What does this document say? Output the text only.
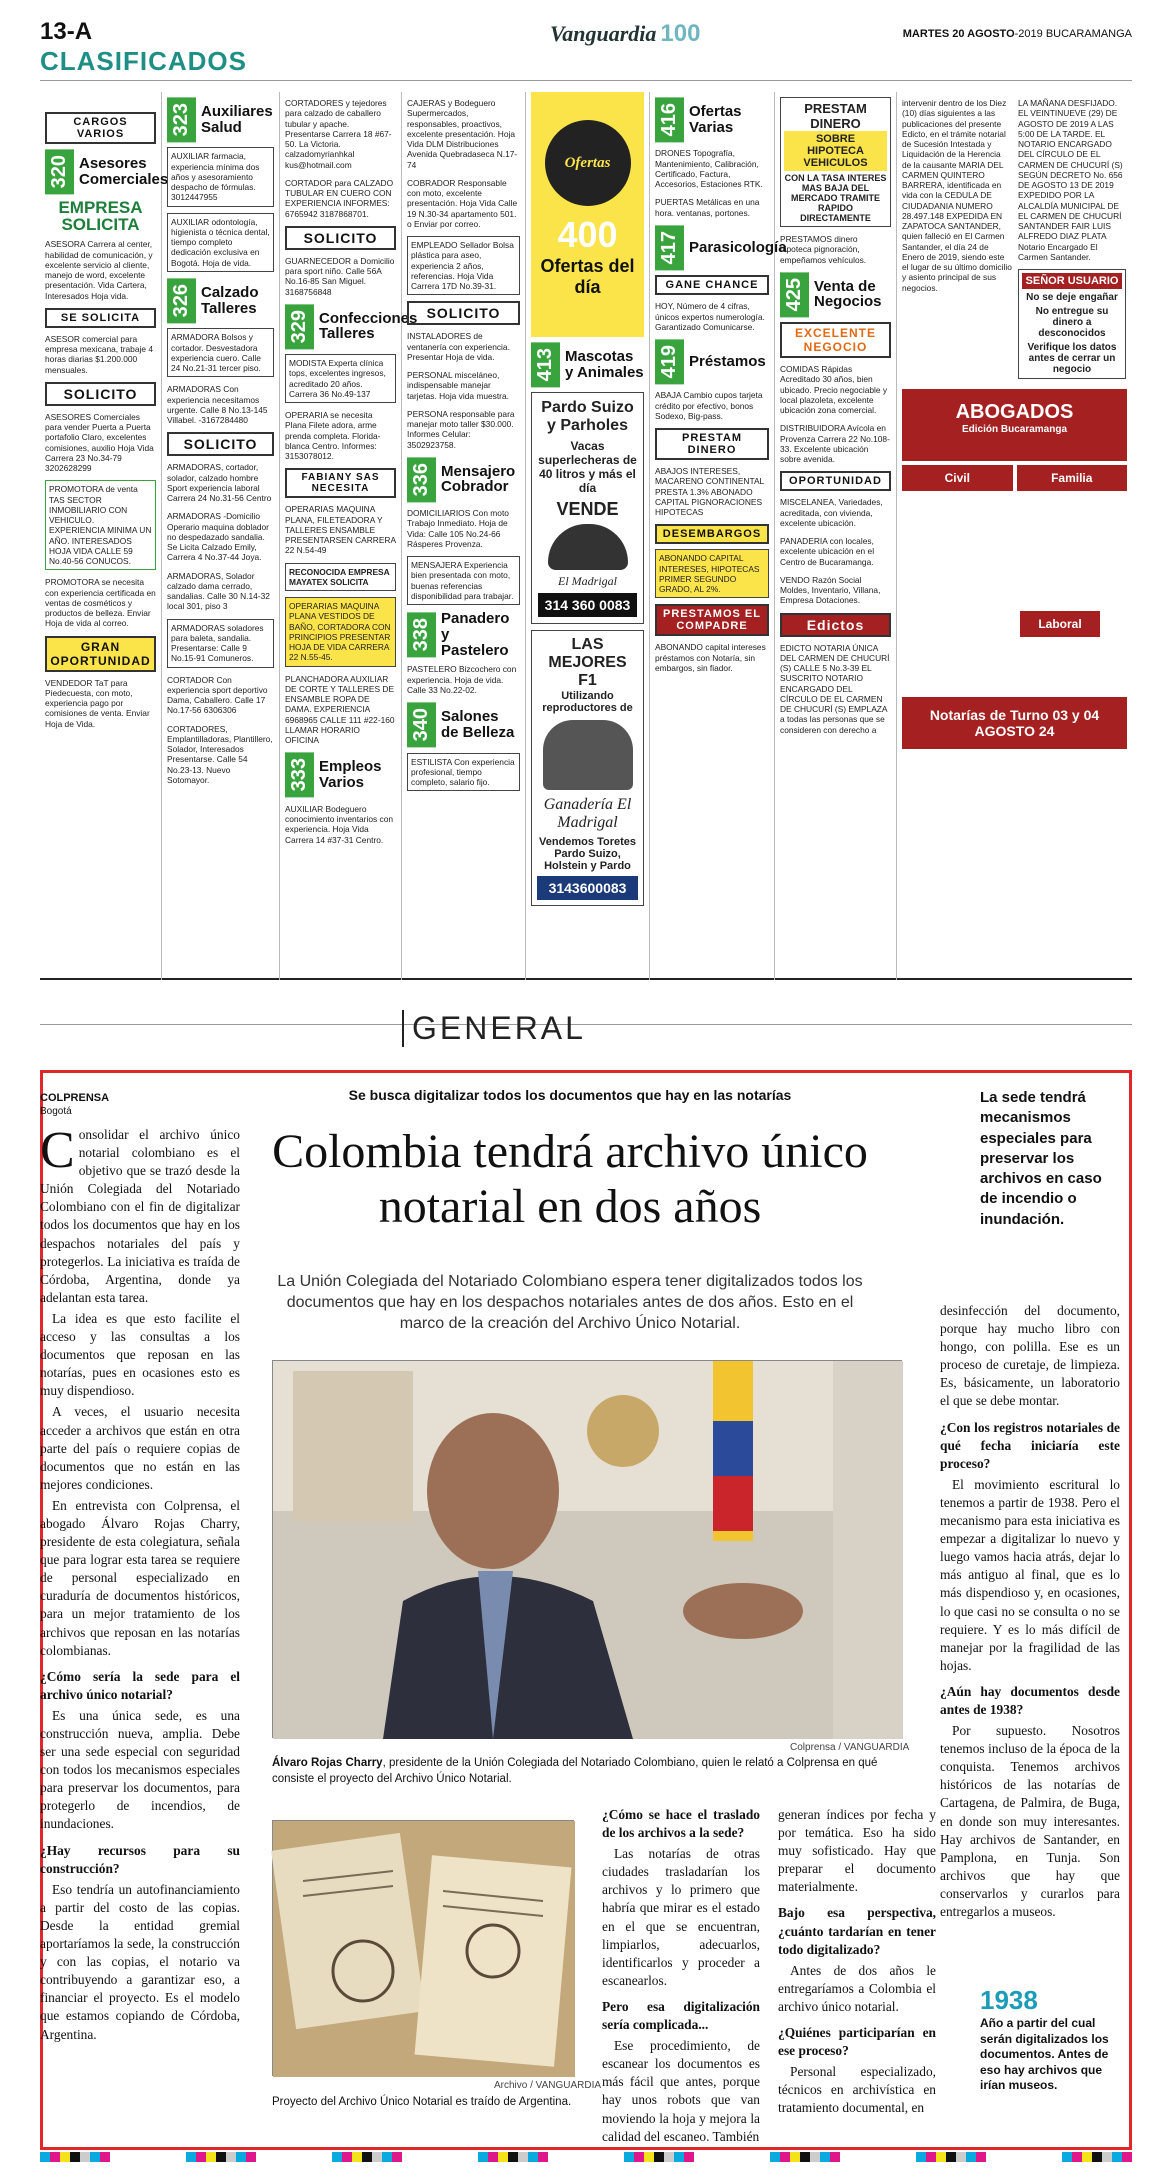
13-A
CLASIFICADOS
Vanguardia 100	MARTES 20 AGOSTO-2019 BUCARAMANGA
CARGOS VARIOS
320 Asesores Comerciales
EMPRESA SOLICITA
ASESORA Carrera al center, habilidad de comunicación, y excelente servicio al cliente, manejo de word, excelente presentación. Vida Cartera, Interesados Hoja vida.
SE SOLICITA
ASESOR comercial para empresa mexicana, trabaje 4 horas diarias $1.200.000 mensuales.
SOLICITO
ASESORES Comerciales para vender Puerta a Puerta portafolio Claro, excelentes comisiones, auxilio Hoja Vida Carrera 23 No.34-79 3202628299
PROMOTORA de venta TAS SECTOR INMOBILIARIO CON VEHICULO. EXPERIENCIA MINIMA UN AÑO. INTERESADOS HOJA VIDA CALLE 59 No.40-56 CONUCOS.
PROMOTORA se necesita con experiencia certificada en ventas de cosméticos y productos de belleza. Enviar Hoja de vida al correo.
GRAN OPORTUNIDAD
VENDEDOR TaT para Piedecuesta, con moto, experiencia pago por comisiones de venta. Enviar Hoja de Vida.
323 Auxiliares Salud
AUXILIAR farmacia, experiencia mínima dos años y asesoramiento despacho de fórmulas. 3012447955
AUXILIAR odontología, higienista o técnica dental, tiempo completo dedicación exclusiva en Bogotá. Hoja de vida.
326 Calzado Talleres
ARMADORA Bolsos y cortador. Desvestadora experiencia cuero. Calle 24 No.21-31 tercer piso.
ARMADORAS Con experiencia necesitamos urgente. Calle 8 No.13-145 Villabel. -3167284480
SOLICITO
ARMADORAS, cortador, solador, calzado hombre Sport experiencia laboral Carrera 24 No.31-56 Centro
ARMADORAS -Domicilio Operario maquina doblador no despedazado sandalia. Se Licita Calzado Emily, Carrera 4 No.37-44 Joya.
ARMADORAS, Solador calzado dama cerrado, sandalias. Calle 30 N.14-32 local 301, piso 3
ARMADORAS soladores para baleta, sandalia. Presentarse: Calle 9 No.15-91 Comuneros.
CORTADOR Con experiencia sport deportivo Dama, Caballero. Calle 17 No.17-56 6306306
CORTADORES, Emplantilladoras, Plantillero, Solador, Interesados Presentarse. Calle 54 No.23-13. Nuevo Sotomayor.
CORTADORES y tejedores para calzado de caballero tubular y apache. Presentarse Carrera 18 #67-50. La Victoria. calzadomyrianhkal kus@hotmail.com
CORTADOR para CALZADO TUBULAR EN CUERO CON EXPERIENCIA INFORMES: 6765942 3187868701.
SOLICITO
GUARNECEDOR a Domicilio para sport niño. Calle 56A No.16-85 San Miguel. 3168756848
329 Confecciones Talleres
MODISTA Experta clínica tops, excelentes ingresos, acreditado 20 años. Carrera 36 No.49-137
OPERARIA se necesita Plana Filete adora, arme prenda completa. Florida-blanca Centro. Informes: 3153078012.
FABIANY SAS NECESITA
OPERARIAS MAQUINA PLANA, FILETEADORA Y TALLERES ENSAMBLE PRESENTARSEN CARRERA 22 N.54-49
RECONOCIDA EMPRESA MAYATEX SOLICITA
OPERARIAS MAQUINA PLANA VESTIDOS DE BAÑO, CORTADORA CON PRINCIPIOS PRESENTAR HOJA DE VIDA CARRERA 22 N.55-45.
PLANCHADORA AUXILIAR DE CORTE Y TALLERES DE ENSAMBLE ROPA DE DAMA. EXPERIENCIA 6968965 CALLE 111 #22-160 LLAMAR HORARIO OFICINA
333 Empleos Varios
AUXILIAR Bodeguero conocimiento inventarios con experiencia. Hoja Vida Carrera 14 #37-31 Centro.
CAJERAS y Bodeguero Supermercados, responsables, proactivos, excelente presentación. Hoja Vida DLM Distribuciones Avenida Quebradaseca N.17-74
COBRADOR Responsable con moto, excelente presentación. Hoja Vida Calle 19 N.30-34 apartamento 501. o Enviar por correo.
EMPLEADO Sellador Bolsa plástica para aseo, experiencia 2 años, referencias. Hoja Vida Carrera 17D No.39-31.
SOLICITO
INSTALADORES de ventanería con experiencia. Presentar Hoja de vida.
PERSONAL misceláneo, indispensable manejar tarjetas. Hoja vida muestra.
PERSONA responsable para manejar moto taller $30.000. Informes Celular: 3502923758.
336 Mensajero Cobrador
DOMICILIARIOS Con moto Trabajo Inmediato. Hoja de Vida: Calle 105 No.24-66 Rásperes Provenza.
MENSAJERA Experiencia bien presentada con moto, buenas referencias disponibilidad para trabajar.
338 Panadero y Pastelero
PASTELERO Bizcochero con experiencia. Hoja de vida. Calle 33 No.22-02.
340 Salones de Belleza
ESTILISTA Con experiencia profesional, tiempo completo, salario fijo.
Ofertas
400
Ofertas del día
413 Mascotas y Animales
Pardo Suizo y Parholes
Vacas superlecheras de 40 litros y más el día
VENDE
El Madrigal
314 360 0083
LAS MEJORES F1
Utilizando reproductores de
Ganadería El Madrigal
Vendemos Toretes Pardo Suizo, Holstein y Pardo
3143600083
416 Ofertas Varias
DRONES Topografía, Mantenimiento, Calibración, Certificado, Factura, Accesorios, Estaciones RTK.
PUERTAS Metálicas en una hora. ventanas, portones.
417 Parasicología
GANE CHANCE
HOY, Número de 4 cifras, únicos expertos numerología. Garantizado Comunicarse.
419 Préstamos
ABAJA Cambio cupos tarjeta crédito por efectivo, bonos Sodexo, Big-pass.
PRESTAM DINERO
ABAJOS INTERESES, MACARENO CONTINENTAL PRESTA 1.3% ABONADO CAPITAL PIGNORACIONES HIPOTECAS
DESEMBARGOS
ABONANDO CAPITAL INTERESES, HIPOTECAS PRIMER SEGUNDO GRADO, AL 2%.
PRESTAMOS EL COMPADRE
ABONANDO capital intereses préstamos con Notaría, sin embargos, sin fiador.
PRESTAM DINERO
SOBRE HIPOTECA VEHICULOS
CON LA TASA INTERES MAS BAJA DEL MERCADO TRAMITE RAPIDO DIRECTAMENTE
PRESTAMOS dinero hipoteca pignoración, empeñamos vehículos.
425 Venta de Negocios
EXCELENTE NEGOCIO
COMIDAS Rápidas Acreditado 30 años, bien ubicado. Precio negociable y local plazoleta, excelente ubicación zona comercial.
DISTRIBUIDORA Avícola en Provenza Carrera 22 No.108-33. Excelente ubicación sobre avenida.
OPORTUNIDAD
MISCELANEA, Variedades, acreditada, con vivienda, excelente ubicación.
PANADERIA con locales, excelente ubicación en el Centro de Bucaramanga.
VENDO Razón Social Moldes, Inventario, Villana, Empresa Dotaciones.
Edictos
EDICTO NOTARIA ÚNICA DEL CARMEN DE CHUCURÍ (S) CALLE 5 No.3-39 EL SUSCRITO NOTARIO ENCARGADO DEL CÍRCULO DE EL CARMEN DE CHUCURÍ (S) EMPLAZA a todas las personas que se consideren con derecho a
intervenir dentro de los Diez (10) días siguientes a las publicaciones del presente Edicto, en el trámite notarial de Sucesión Intestada y Liquidación de la Herencia de la causante MARIA DEL CARMEN QUINTERO BARRERA, identificada en vida con la CEDULA DE CIUDADANIA NUMERO 28.497.148 EXPEDIDA EN ZAPATOCA SANTANDER, quien falleció en El Carmen Santander, el día 24 de Enero de 2019, siendo este el lugar de su último domicilio y asiento principal de sus negocios.
LA MAÑANA DESFIJADO. EL VEINTINUEVE (29) DE AGOSTO DE 2019 A LAS 5:00 DE LA TARDE. EL NOTARIO ENCARGADO DEL CÍRCULO DE EL CARMEN DE CHUCURÍ (S) SEGÚN DECRETO No. 656 DE AGOSTO 13 DE 2019 EXPEDIDO POR LA ALCALDÍA MUNICIPAL DE EL CARMEN DE CHUCURÍ SANTANDER FAIR LUIS ALFREDO DIAZ PLATA Notario Encargado El Carmen Santander.
SEÑOR USUARIO
No se deje engañar
No entregue su dinero a desconocidos
Verifique los datos antes de cerrar un negocio
ABOGADOS
Edición Bucaramanga
Civil	Familia
Laboral
Notarías de Turno 03 y 04 AGOSTO 24
GENERAL
COLPRENSA
Bogotá
Se busca digitalizar todos los documentos que hay en las notarías
Colombia tendrá archivo único notarial en dos años
La Unión Colegiada del Notariado Colombiano espera tener digitalizados todos los documentos que hay en los despachos notariales antes de dos años. Esto en el marco de la creación del Archivo Único Notarial.
La sede tendrá mecanismos especiales para preservar los archivos en caso de incendio o inundación.

Consolidar el archivo único notarial colombiano es el objetivo que se trazó desde la Unión Colegiada del Notariado Colombiano con el fin de digitalizar todos los documentos que hay en los despachos notariales del país y protegerlos. La iniciativa es traída de Córdoba, Argentina, donde ya adelantan esta tarea.

La idea es que esto facilite el acceso y las consultas a los documentos que reposan en las notarías, pues en ocasiones esto es muy dispendioso.

A veces, el usuario necesita acceder a archivos que están en otra parte del país o requiere copias de documentos que no están en las mejores condiciones.

En entrevista con Colprensa, el abogado Álvaro Rojas Charry, presidente de esta colegiatura, señala que para lograr esta tarea se requiere de personal especializado en curaduría de documentos históricos, para un mejor tratamiento de los archivos que reposan en las notarías colombianas.

¿Cómo sería la sede para el archivo único notarial?

Es una única sede, es una construcción nueva, amplia. Debe ser una sede especial con seguridad con todos los mecanismos especiales para preservar los documentos, para protegerlo de incendios, de inundaciones.

¿Hay recursos para su construcción?

Eso tendría un autofinanciamiento a partir del costo de las copias. Desde la entidad gremial aportaríamos la sede, la construcción y con las copias, el notario va contribuyendo a garantizar eso, a financiar el proyecto. Es el modelo que estamos copiando de Córdoba, Argentina.

Colprensa / VANGUARDIA
Álvaro Rojas Charry, presidente de la Unión Colegiada del Notariado Colombiano, quien le relató a Colprensa en qué consiste el proyecto del Archivo Único Notarial.
Archivo / VANGUARDIA
Proyecto del Archivo Único Notarial es traído de Argentina.

¿Cómo se hace el traslado de los archivos a la sede?

Las notarías de otras ciudades trasladarían los archivos y lo primero que habría que mirar es el estado en el que se encuentran, limpiarlos, adecuarlos, identificarlos y proceder a escanearlos.

Pero esa digitalización sería complicada...

Ese procedimiento, de escanear los documentos es más fácil que antes, porque hay unos robots que van moviendo la hoja y mejora la calidad del escaneo. También

generan índices por fecha y por temática. Eso ha sido muy sofisticado. Hay que preparar el documento materialmente.

Bajo esa perspectiva, ¿cuánto tardarían en tener todo digitalizado?

Antes de dos años le entregaríamos a Colombia el archivo único notarial.

¿Quiénes participarían en ese proceso?

Personal especializado, técnicos en archivística en tratamiento documental, en

desinfección del documento, porque hay mucho libro con hongo, con polilla. Ese es un proceso de curetaje, de limpieza. Es, básicamente, un laboratorio el que se debe montar.

¿Con los registros notariales de qué fecha iniciaría este proceso?

El movimiento escritural lo tenemos a partir de 1938. Pero el mecanismo para esta iniciativa es empezar a digitalizar lo nuevo y luego vamos hacia atrás, dejar lo más antiguo al final, que es lo más dispendioso y, en ocasiones, lo que casi no se consulta o no se requiere. Y es lo más difícil de manejar por la fragilidad de las hojas.

¿Aún hay documentos desde antes de 1938?

Por supuesto. Nosotros tenemos incluso de la época de la conquista. Tenemos archivos históricos de las notarías de Cartagena, de Palmira, de Buga, en donde son muy interesantes. Hay archivos de Santander, en Pamplona, en Tunja. Son archivos que hay que conservarlos y curarlos para entregarlos a museos.

1938
Año a partir del cual serán digitalizados los documentos. Antes de eso hay archivos que irían museos.
